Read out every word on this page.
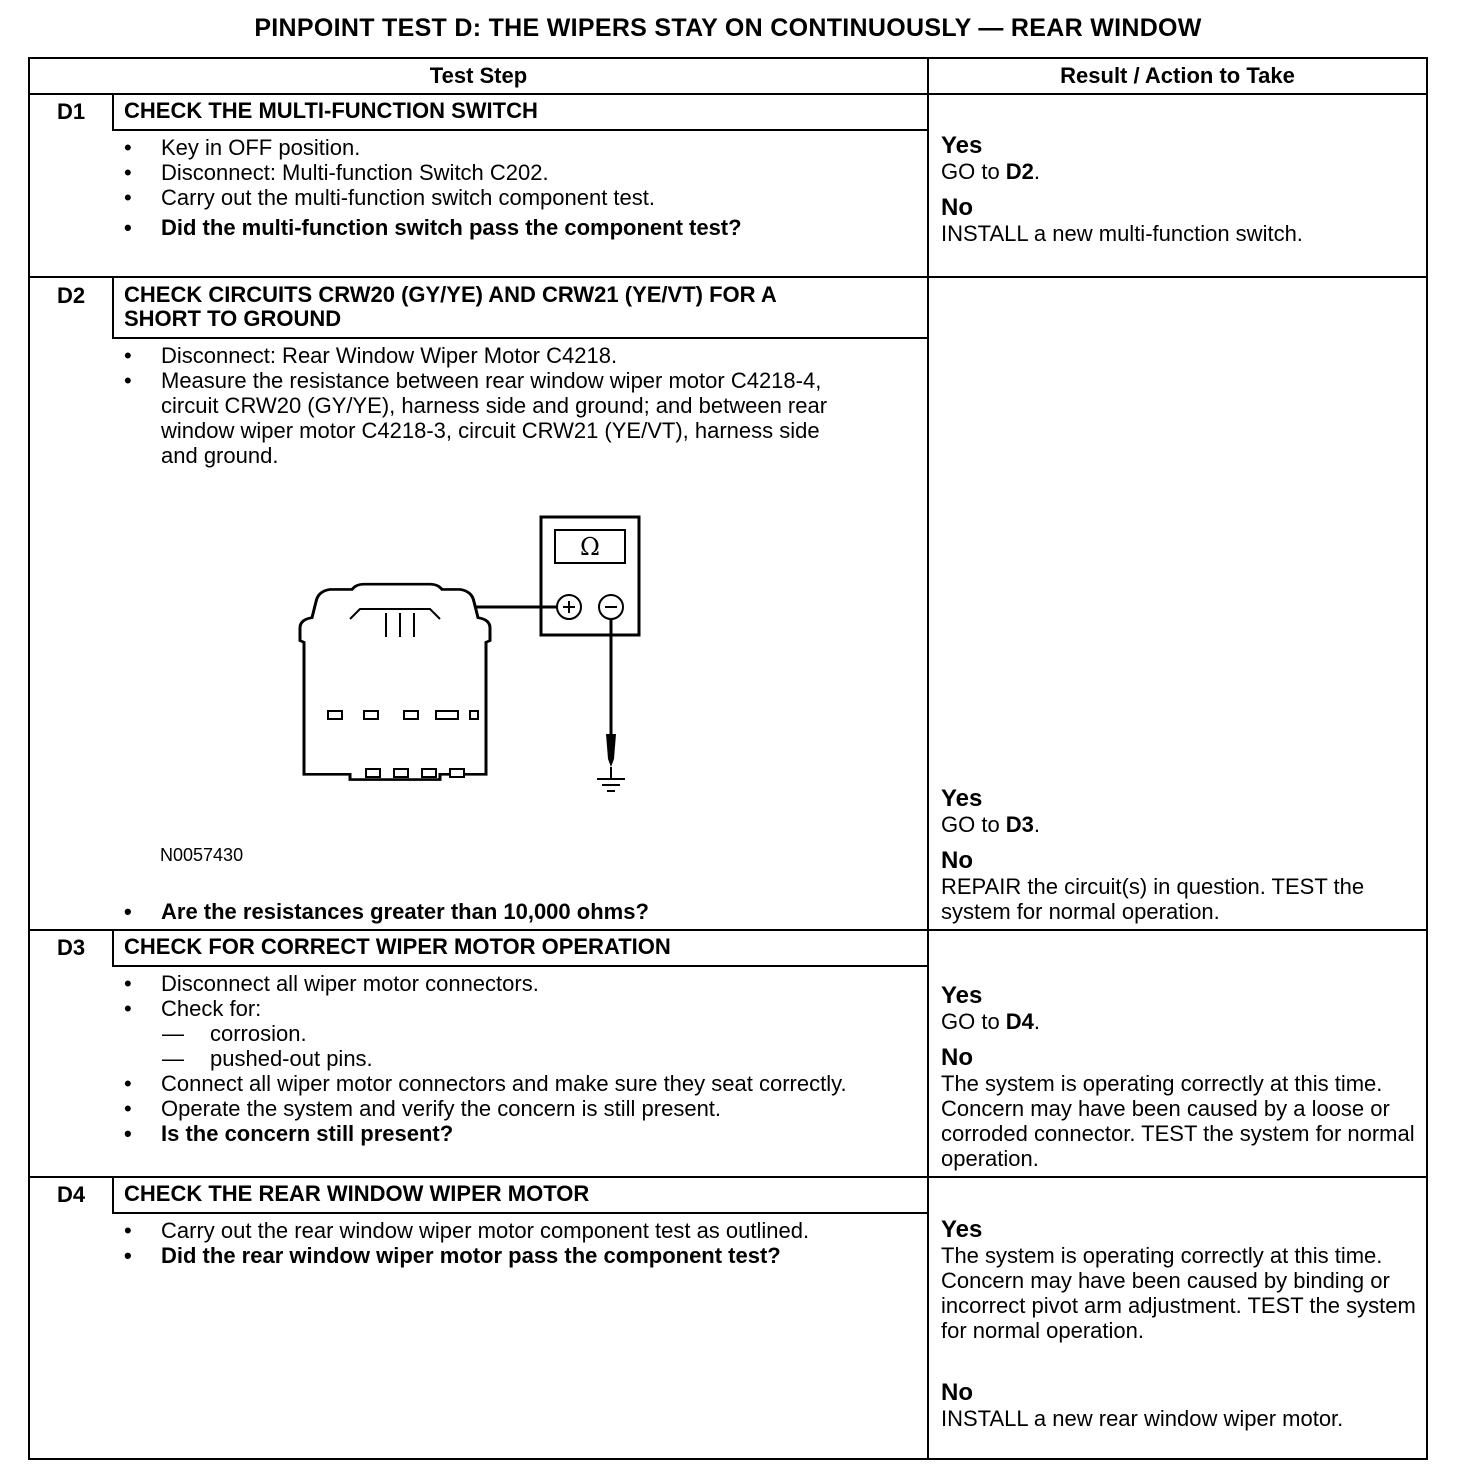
PINPOINT TEST D: THE WIPERS STAY ON CONTINUOUSLY — REAR WINDOW
Test Step	Result / Action to Take
D1	CHECK THE MULTI-FUNCTION SWITCH
• Key in OFF position.
• Disconnect: Multi-function Switch C202.
• Carry out the multi-function switch component test.
• Did the multi-function switch pass the component test?
Yes
GO to D2.
No
INSTALL a new multi-function switch.
D2	CHECK CIRCUITS CRW20 (GY/YE) AND CRW21 (YE/VT) FOR A
SHORT TO GROUND
• Disconnect: Rear Window Wiper Motor C4218.
• Measure the resistance between rear window wiper motor C4218-4, circuit CRW20 (GY/YE), harness side and ground; and between rear window wiper motor C4218-3, circuit CRW21 (YE/VT), harness side and ground.
Ω
N0057430
• Are the resistances greater than 10,000 ohms?
Yes
GO to D3.
No
REPAIR the circuit(s) in question. TEST the system for normal operation.
D3	CHECK FOR CORRECT WIPER MOTOR OPERATION
• Disconnect all wiper motor connectors.
• Check for:
— corrosion.
— pushed-out pins.
• Connect all wiper motor connectors and make sure they seat correctly.
• Operate the system and verify the concern is still present.
• Is the concern still present?
Yes
GO to D4.
No
The system is operating correctly at this time. Concern may have been caused by a loose or corroded connector. TEST the system for normal operation.
D4	CHECK THE REAR WINDOW WIPER MOTOR
• Carry out the rear window wiper motor component test as outlined.
• Did the rear window wiper motor pass the component test?
Yes
The system is operating correctly at this time. Concern may have been caused by binding or incorrect pivot arm adjustment. TEST the system for normal operation.
No
INSTALL a new rear window wiper motor.
